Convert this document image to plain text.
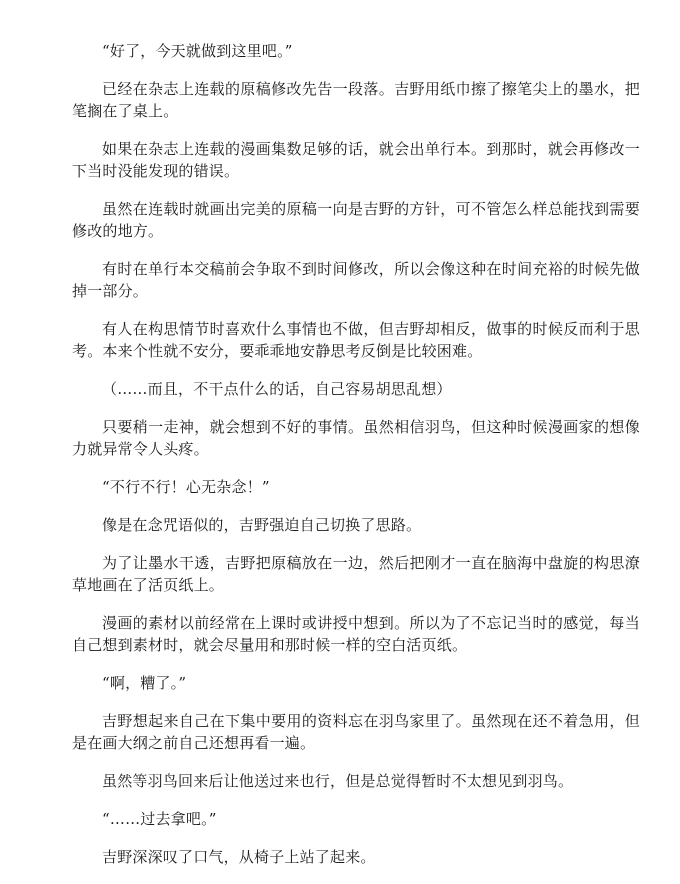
“好了，今天就做到这里吧。”

已经在杂志上连载的原稿修改先告一段落。吉野用纸巾擦了擦笔尖上的墨水，把笔搁在了桌上。

如果在杂志上连载的漫画集数足够的话，就会出单行本。到那时，就会再修改一下当时没能发现的错误。

虽然在连载时就画出完美的原稿一向是吉野的方针，可不管怎么样总能找到需要修改的地方。

有时在单行本交稿前会争取不到时间修改，所以会像这种在时间充裕的时候先做掉一部分。

有人在构思情节时喜欢什么事情也不做，但吉野却相反，做事的时候反而利于思考。本来个性就不安分，要乖乖地安静思考反倒是比较困难。

（……而且，不干点什么的话，自己容易胡思乱想）

只要稍一走神，就会想到不好的事情。虽然相信羽鸟，但这种时候漫画家的想像力就异常令人头疼。

“不行不行！心无杂念！”

像是在念咒语似的，吉野强迫自己切换了思路。

为了让墨水干透，吉野把原稿放在一边，然后把刚才一直在脑海中盘旋的构思潦草地画在了活页纸上。

漫画的素材以前经常在上课时或讲授中想到。所以为了不忘记当时的感觉，每当自己想到素材时，就会尽量用和那时候一样的空白活页纸。

“啊，糟了。”

吉野想起来自己在下集中要用的资料忘在羽鸟家里了。虽然现在还不着急用，但是在画大纲之前自己还想再看一遍。

虽然等羽鸟回来后让他送过来也行，但是总觉得暂时不太想见到羽鸟。

“……过去拿吧。”

吉野深深叹了口气，从椅子上站了起来。
